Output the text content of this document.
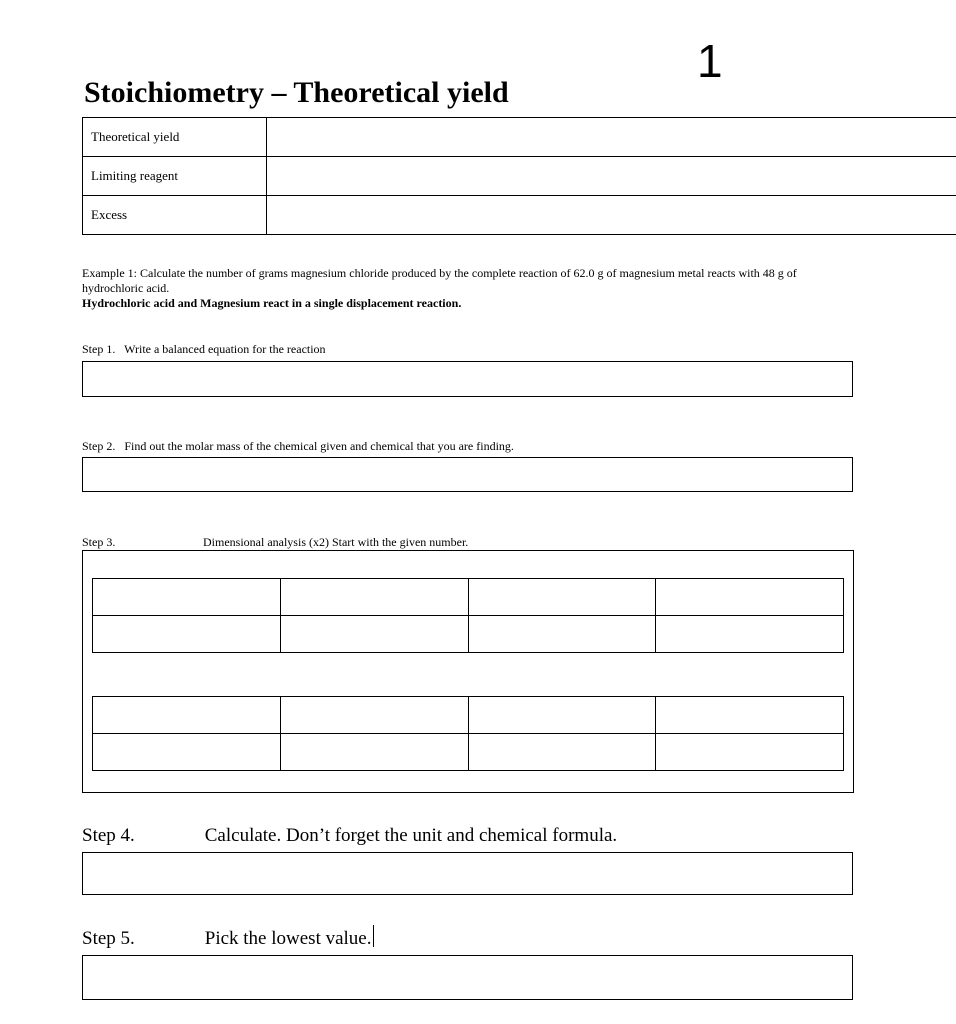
1
Stoichiometry – Theoretical yield
Theoretical yield	
Limiting reagent	
Excess	
Example 1: Calculate the number of grams magnesium chloride produced by the complete reaction of 62.0 g of magnesium metal reacts with 48 g of hydrochloric acid.
Hydrochloric acid and Magnesium react in a single displacement reaction.
Step 1. Write a balanced equation for the reaction
Step 2. Find out the molar mass of the chemical given and chemical that you are finding.
Step 3.	Dimensional analysis (x2) Start with the given number.

Step 4.	Calculate. Don’t forget the unit and chemical formula.
Step 5.	Pick the lowest value.
